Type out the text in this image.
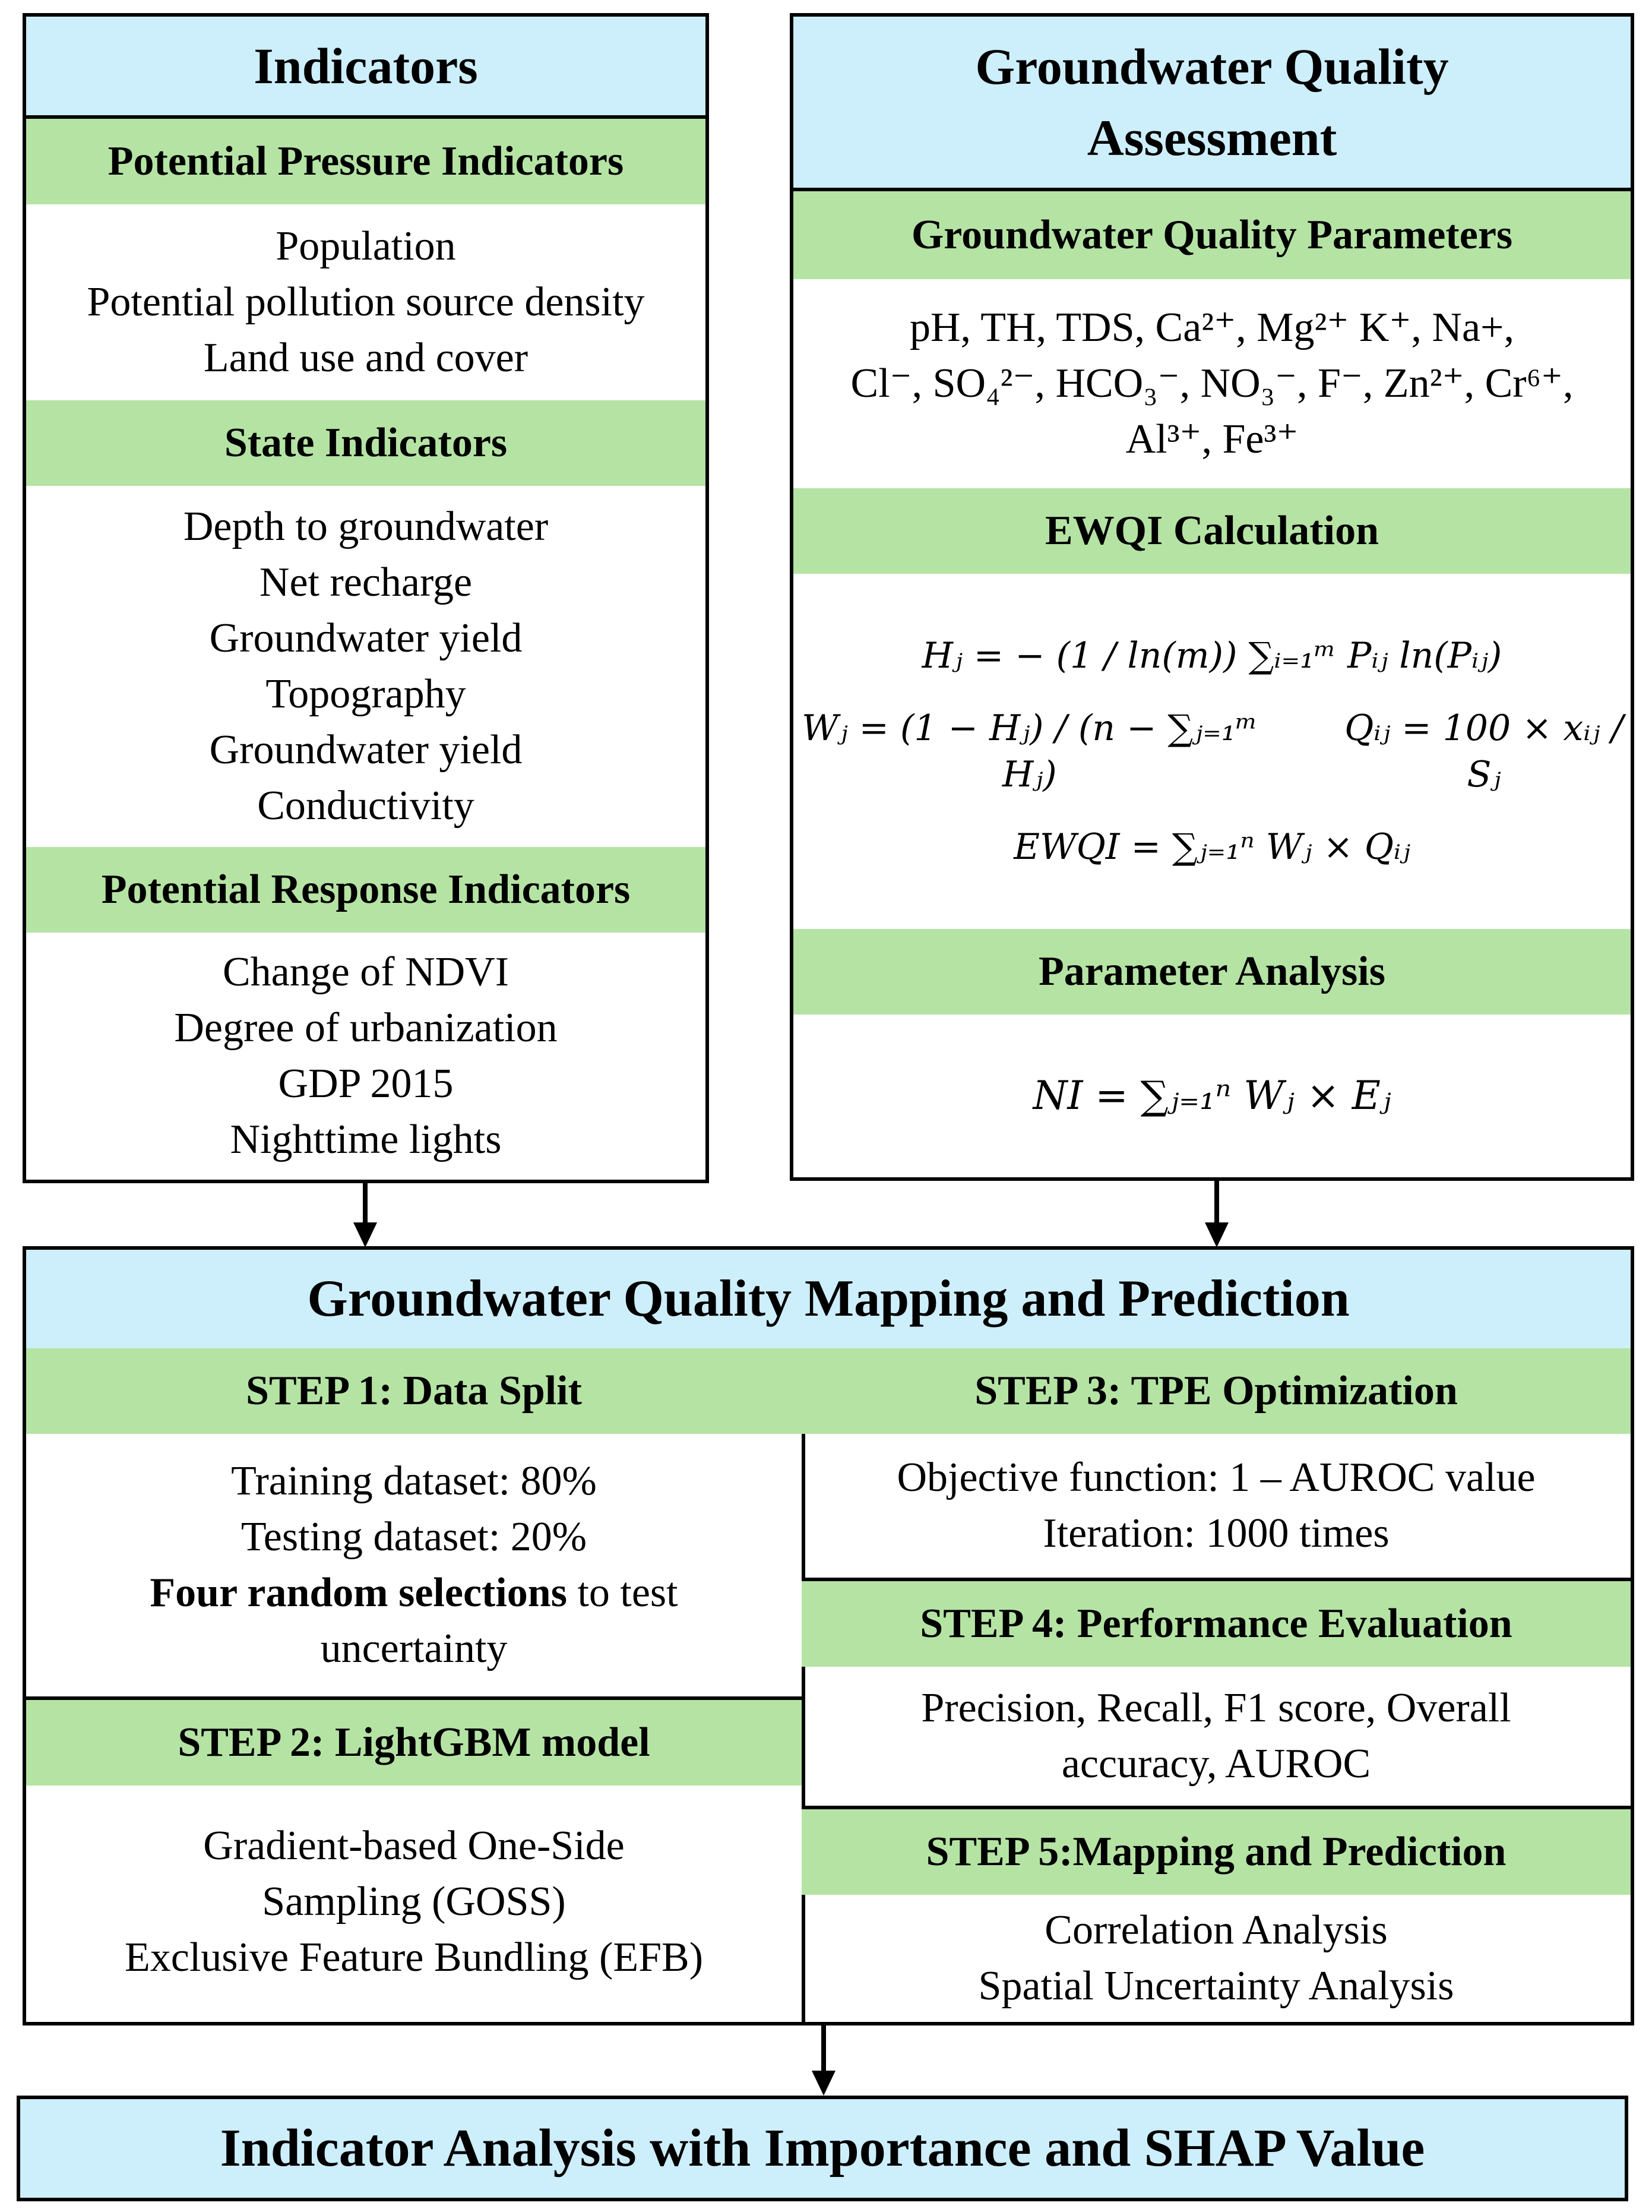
Indicators
Potential Pressure Indicators
Population
Potential pollution source density
Land use and cover
State Indicators
Depth to groundwater
Net recharge
Groundwater yield
Topography
Groundwater yield
Conductivity
Potential Response Indicators
Change of NDVI
Degree of urbanization
GDP 2015
Nighttime lights
Groundwater Quality
Assessment
Groundwater Quality Parameters
pH, TH, TDS, Ca²⁺, Mg²⁺ K⁺, Na+,
Cl⁻, SO₄²⁻, HCO₃⁻, NO₃⁻, F⁻, Zn²⁺, Cr⁶⁺,
Al³⁺, Fe³⁺
EWQI Calculation
Hⱼ = − (1 / ln(m)) ∑ᵢ₌₁ᵐ Pᵢⱼ ln(Pᵢⱼ)
Wⱼ = (1 − Hⱼ) / (n − ∑ⱼ₌₁ᵐ Hⱼ)
Qᵢⱼ = 100 × xᵢⱼ / Sⱼ
EWQI = ∑ⱼ₌₁ⁿ Wⱼ × Qᵢⱼ
Parameter Analysis
NI = ∑ⱼ₌₁ⁿ Wⱼ × Eⱼ
Groundwater Quality Mapping and Prediction
STEP 1: Data Split
Training dataset: 80%
Testing dataset: 20%
Four random selections to test
uncertainty
STEP 2: LightGBM model
Gradient-based One-Side
Sampling (GOSS)
Exclusive Feature Bundling (EFB)
STEP 3: TPE Optimization
Objective function: 1 – AUROC value
Iteration: 1000 times
STEP 4: Performance Evaluation
Precision, Recall, F1 score, Overall
accuracy, AUROC
STEP 5:Mapping and Prediction
Correlation Analysis
Spatial Uncertainty Analysis
Indicator Analysis with Importance and SHAP Value
